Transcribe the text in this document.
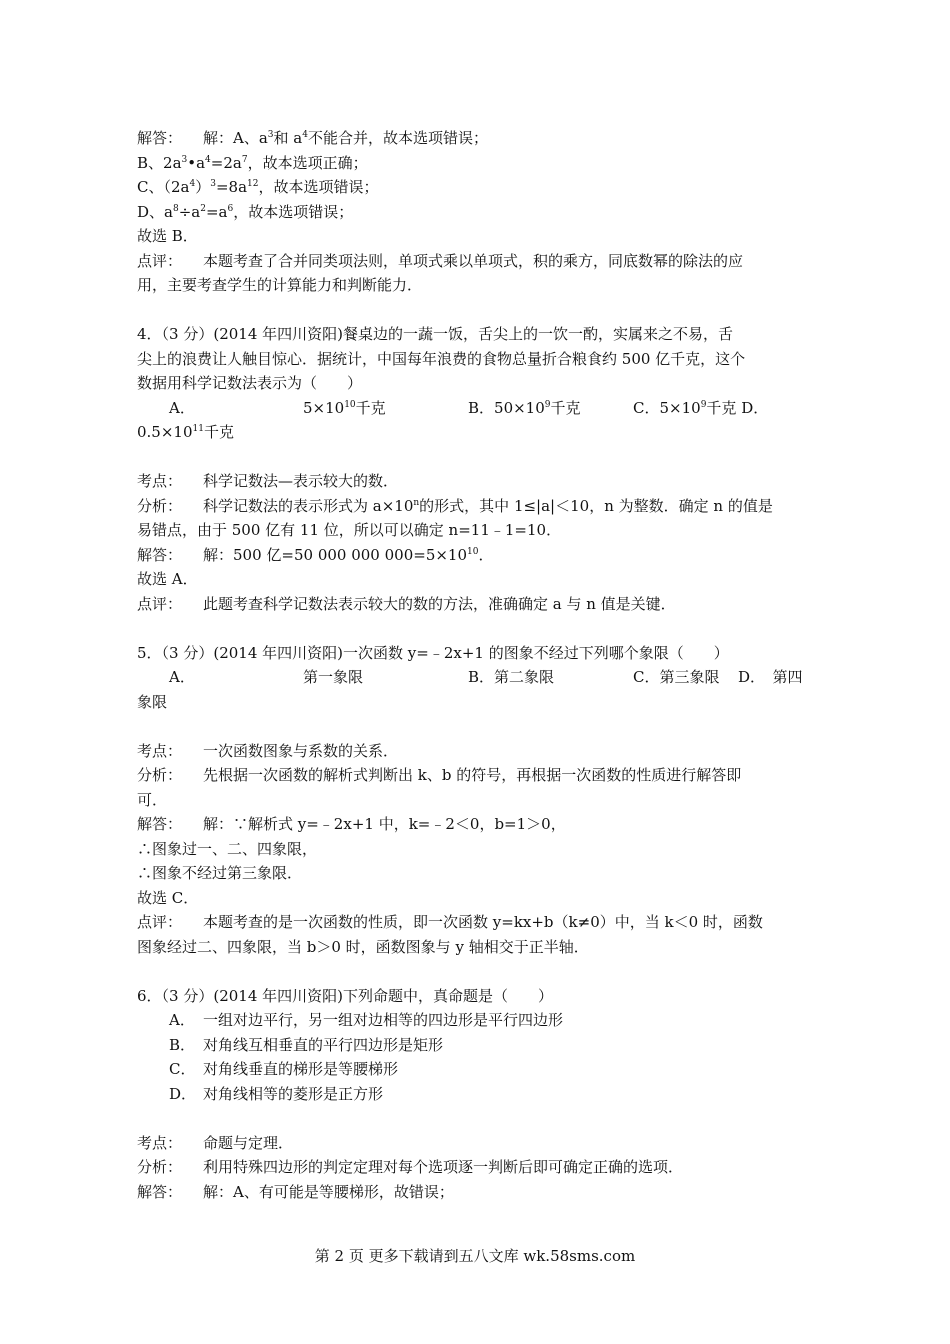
解答： 解：A、$a^3$和 $a^4$不能合并，故本选项错误；
B、$2a^3•a^4=2a^7$，故本选项正确；
C、$(2a^4)^3=8a^{12}$，故本选项错误；
D、$a^8\div a^2=a^6$，故本选项错误；
故选 B．
点评： 本题考查了合并同类项法则，单项式乘以单项式，积的乘方，同底数幂的除法的应
用，主要考查学生的计算能力和判断能力．
4．（3 分）(2014 年四川资阳)餐桌边的一蔬一饭，舌尖上的一饮一酌，实属来之不易，舌
尖上的浪费让人触目惊心．据统计，中国每年浪费的食物总量折合粮食约 500 亿千克，这个
数据用科学记数法表示为（　　）
A．	$5\times 10^{10}$千克	B．$50\times 10^9$千克	C．$5\times 10^9$千克 D．
$0.5\times 10^{11}$千克
考点： 科学记数法—表示较大的数．
分析： 科学记数法的表示形式为 $a\times 10^n$的形式，其中 1≤|a|＜10，n 为整数．确定 n 的值是
易错点，由于 500 亿有 11 位，所以可以确定 n=11﹣1=10．
解答： 解：500 亿=50 000 000 $000=5\times 10^{10}$．
故选 A．
点评： 此题考查科学记数法表示较大的数的方法，准确确定 a 与 n 值是关键．
5．（3 分）(2014 年四川资阳)一次函数 y=﹣2x+1 的图象不经过下列哪个象限（　　）
A．	第一象限	B．第二象限	C．第三象限 D．　第四
象限
考点： 一次函数图象与系数的关系．
分析： 先根据一次函数的解析式判断出 k、b 的符号，再根据一次函数的性质进行解答即
可．
解答： 解：∵解析式 y=﹣2x+1 中，k=﹣2＜0，b=1＞0，
∴图象过一、二、四象限，
∴图象不经过第三象限．
故选 C．
点评： 本题考查的是一次函数的性质，即一次函数 y=kx+b（k≠0）中，当 k＜0 时，函数
图象经过二、四象限，当 b＞0 时，函数图象与 y 轴相交于正半轴．
6．（3 分）(2014 年四川资阳)下列命题中，真命题是（　　）
A． 一组对边平行，另一组对边相等的四边形是平行四边形
B． 对角线互相垂直的平行四边形是矩形
C． 对角线垂直的梯形是等腰梯形
D． 对角线相等的菱形是正方形
考点： 命题与定理．
分析： 利用特殊四边形的判定定理对每个选项逐一判断后即可确定正确的选项．
解答： 解：A、有可能是等腰梯形，故错误；
第 2 页 更多下载请到五八文库 wk.58sms.com
